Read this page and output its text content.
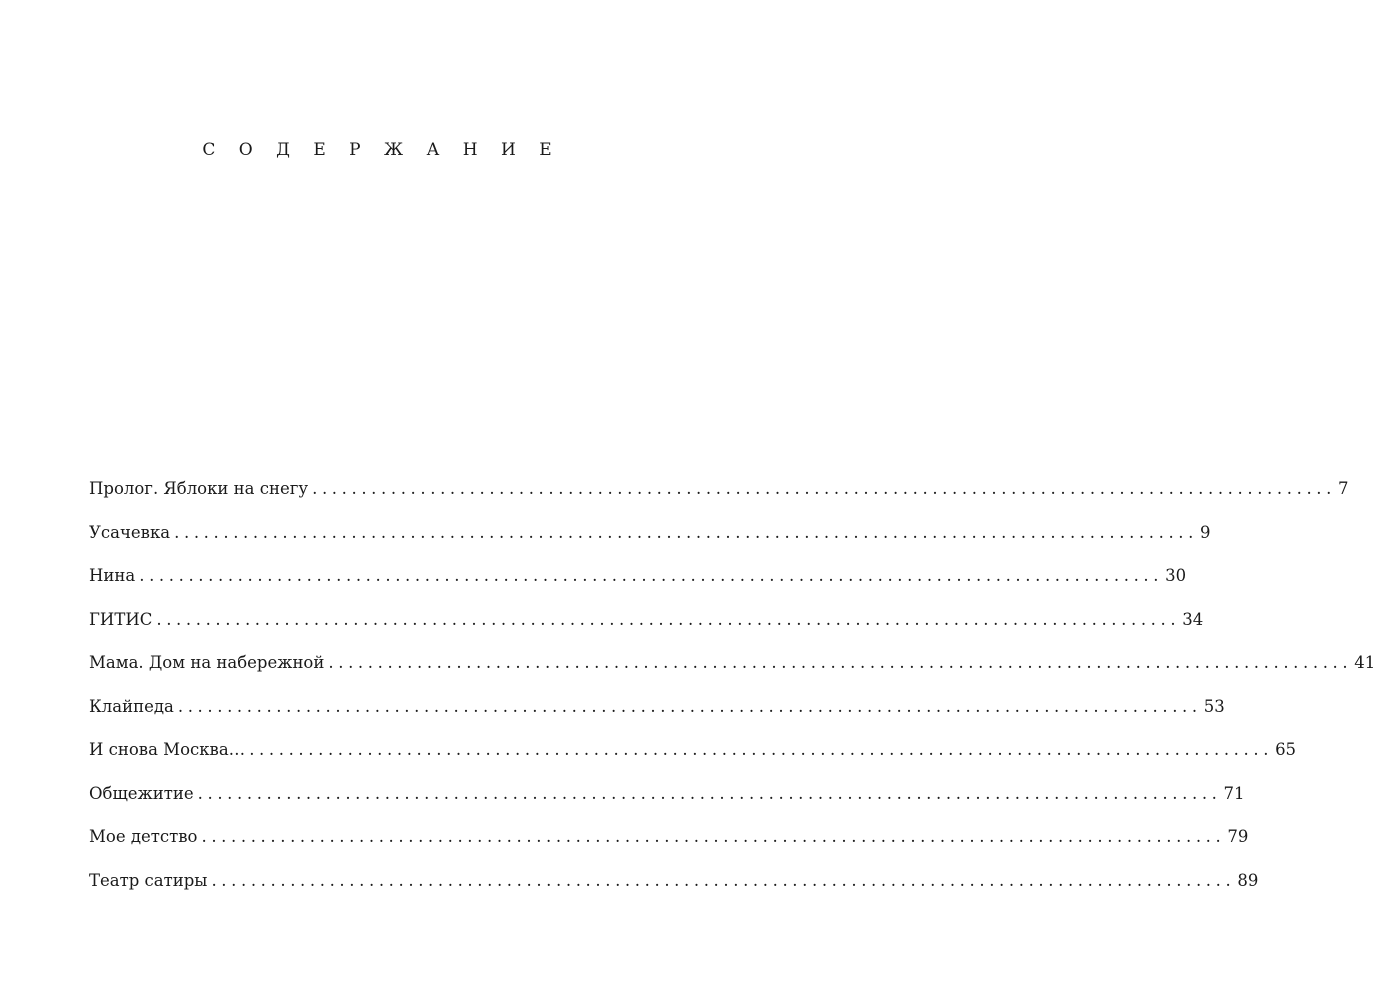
С О Д Е Р Ж А Н И Е
Пролог. Яблоки на снегу ........................................................................................................ 7
Усачевка ........................................................................................................ 9
Нина ........................................................................................................ 30
ГИТИС ........................................................................................................ 34
Мама. Дом на набережной ........................................................................................................ 41
Клайпеда ........................................................................................................ 53
И снова Москва… ........................................................................................................ 65
Общежитие ........................................................................................................ 71
Мое детство ........................................................................................................ 79
Театр сатиры ........................................................................................................ 89
